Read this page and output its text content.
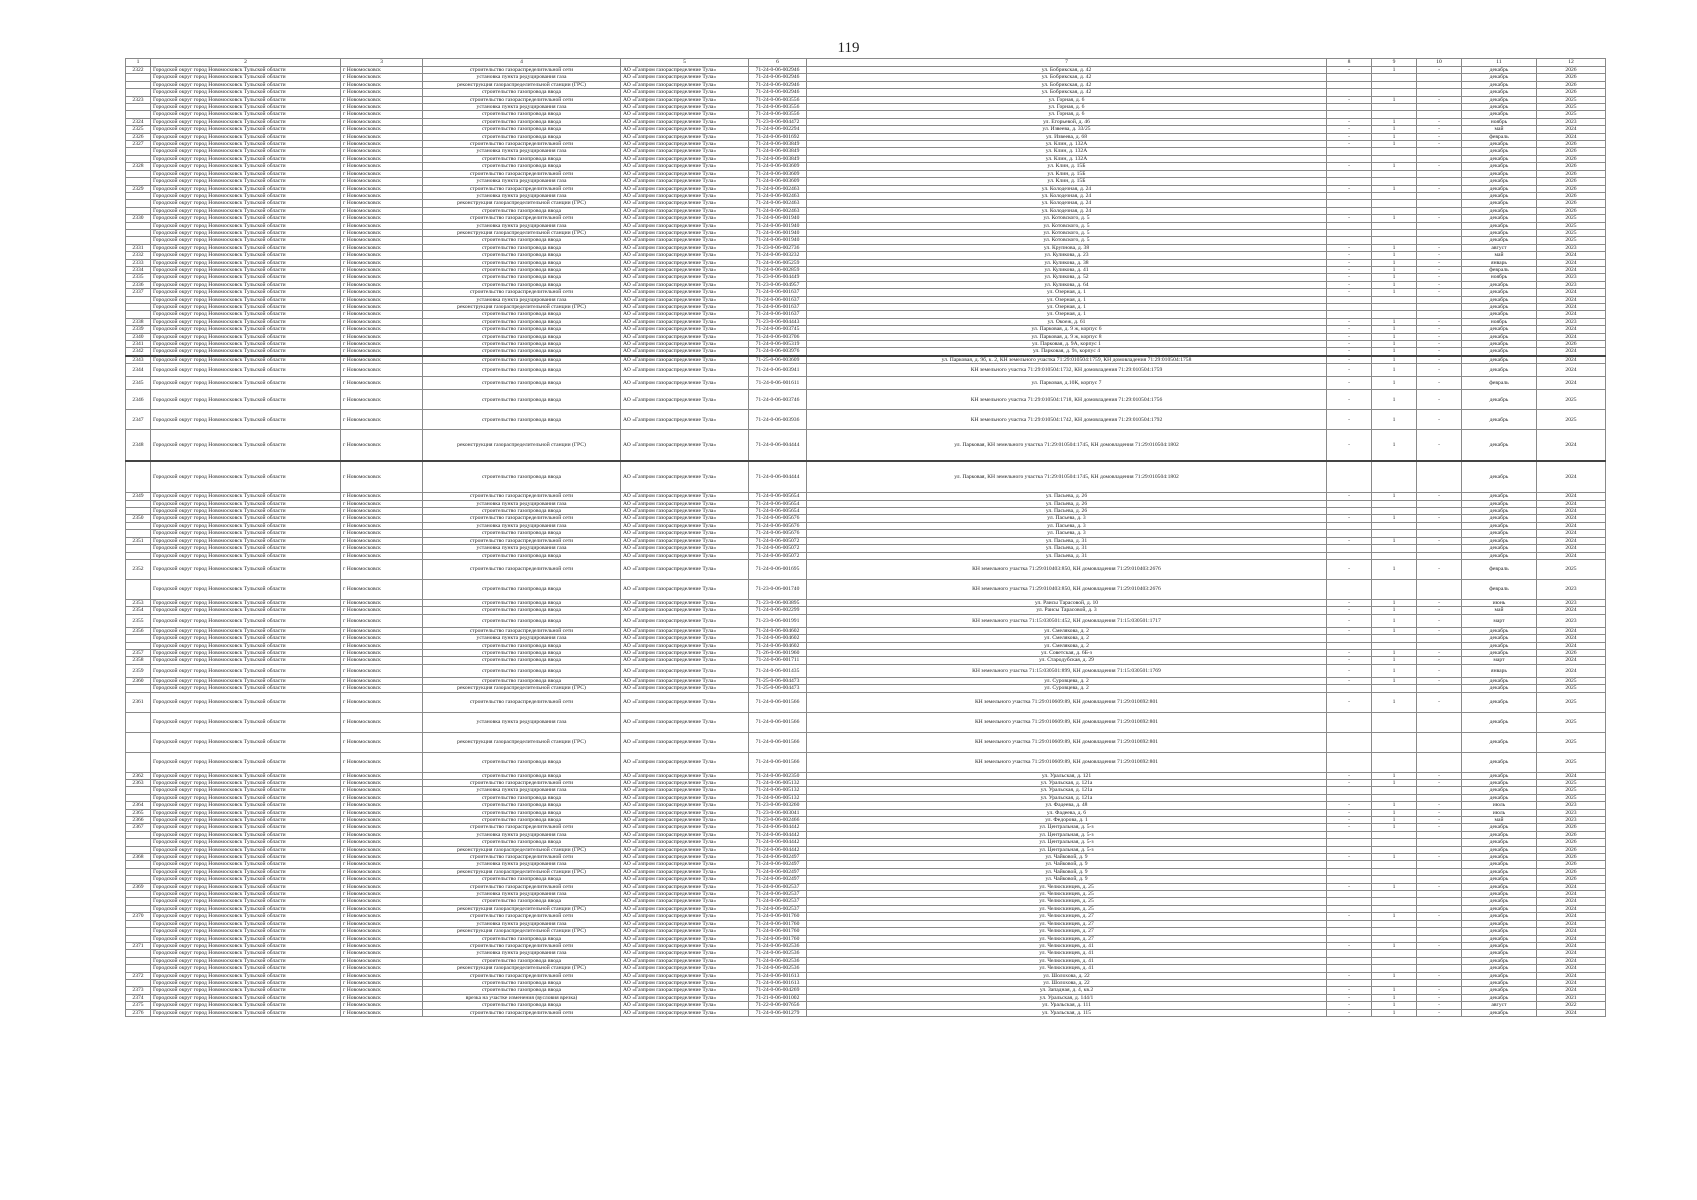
119
1	2	3	4	5	6	7	8	9	10	11	12
2322	Городской округ город Новомосковск Тульской области	г Новомосковск	строительство газораспределительной сети	АО «Газпром газораспределение Тула»	71-24-0-06-002946	ул. Бобрикская, д. 42	-	1	-	декабрь	2026
	Городской округ город Новомосковск Тульской области	г Новомосковск	установка пункта редуцирования газа	АО «Газпром газораспределение Тула»	71-24-0-06-002946	ул. Бобрикская, д. 42				декабрь	2026
	Городской округ город Новомосковск Тульской области	г Новомосковск	реконструкция газораспределительной станции (ГРС)	АО «Газпром газораспределение Тула»	71-24-0-06-002946	ул. Бобрикская, д. 42				декабрь	2026
	Городской округ город Новомосковск Тульской области	г Новомосковск	строительство газопровода ввода	АО «Газпром газораспределение Тула»	71-24-0-06-002946	ул. Бобрикская, д. 42				декабрь	2026
2323	Городской округ город Новомосковск Тульской области	г Новомосковск	строительство газораспределительной сети	АО «Газпром газораспределение Тула»	71-24-0-06-003556	ул. Горная, д. 6	-	1	-	декабрь	2025
	Городской округ город Новомосковск Тульской области	г Новомосковск	установка пункта редуцирования газа	АО «Газпром газораспределение Тула»	71-24-0-06-003556	ул. Горная, д. 6				декабрь	2025
	Городской округ город Новомосковск Тульской области	г Новомосковск	строительство газопровода ввода	АО «Газпром газораспределение Тула»	71-24-0-06-003556	ул. Горная, д. 6				декабрь	2025
2324	Городской округ город Новомосковск Тульской области	г Новомосковск	строительство газопровода ввода	АО «Газпром газораспределение Тула»	71-23-0-06-004472	ул. Егорьевой, д. 46	-	1	-	ноябрь	2023
2325	Городской округ город Новомосковск Тульской области	г Новомосковск	строительство газопровода ввода	АО «Газпром газораспределение Тула»	71-24-0-06-002294	ул. Извеева, д. 33/25	-	1	-	май	2024
2326	Городской округ город Новомосковск Тульской области	г Новомосковск	строительство газопровода ввода	АО «Газпром газораспределение Тула»	71-24-0-06-001692	ул. Извеева, д. 68	-	1	-	февраль	2024
2327	Городской округ город Новомосковск Тульской области	г Новомосковск	строительство газораспределительной сети	АО «Газпром газораспределение Тула»	71-24-0-06-003849	ул. Клин, д. 132А	-	1	-	декабрь	2026
	Городской округ город Новомосковск Тульской области	г Новомосковск	установка пункта редуцирования газа	АО «Газпром газораспределение Тула»	71-24-0-06-003849	ул. Клин, д. 132А				декабрь	2026
	Городской округ город Новомосковск Тульской области	г Новомосковск	строительство газопровода ввода	АО «Газпром газораспределение Тула»	71-24-0-06-003849	ул. Клин, д. 132А				декабрь	2026
2328	Городской округ город Новомосковск Тульской области	г Новомосковск	строительство газопровода ввода	АО «Газпром газораспределение Тула»	71-24-0-06-003609	ул. Клин, д. 15Б	-	1	-	декабрь	2026
	Городской округ город Новомосковск Тульской области	г Новомосковск	строительство газораспределительной сети	АО «Газпром газораспределение Тула»	71-24-0-06-003609	ул. Клин, д. 15Б				декабрь	2026
	Городской округ город Новомосковск Тульской области	г Новомосковск	установка пункта редуцирования газа	АО «Газпром газораспределение Тула»	71-24-0-06-003609	ул. Клин, д. 15Б				декабрь	2026
2329	Городской округ город Новомосковск Тульской области	г Новомосковск	строительство газораспределительной сети	АО «Газпром газораспределение Тула»	71-24-0-06-002463	ул. Колодезная, д. 24	-	1	-	декабрь	2026
	Городской округ город Новомосковск Тульской области	г Новомосковск	установка пункта редуцирования газа	АО «Газпром газораспределение Тула»	71-24-0-06-002463	ул. Колодезная, д. 24				декабрь	2026
	Городской округ город Новомосковск Тульской области	г Новомосковск	реконструкция газораспределительной станции (ГРС)	АО «Газпром газораспределение Тула»	71-24-0-06-002463	ул. Колодезная, д. 24				декабрь	2026
	Городской округ город Новомосковск Тульской области	г Новомосковск	строительство газопровода ввода	АО «Газпром газораспределение Тула»	71-24-0-06-002463	ул. Колодезная, д. 24				декабрь	2026
2330	Городской округ город Новомосковск Тульской области	г Новомосковск	строительство газораспределительной сети	АО «Газпром газораспределение Тула»	71-24-0-06-001940	ул. Котовского, д. 5	-	1	-	декабрь	2025
	Городской округ город Новомосковск Тульской области	г Новомосковск	установка пункта редуцирования газа	АО «Газпром газораспределение Тула»	71-24-0-06-001940	ул. Котовского, д. 5				декабрь	2025
	Городской округ город Новомосковск Тульской области	г Новомосковск	реконструкция газораспределительной станции (ГРС)	АО «Газпром газораспределение Тула»	71-24-0-06-001940	ул. Котовского, д. 5				декабрь	2025
	Городской округ город Новомосковск Тульской области	г Новомосковск	строительство газопровода ввода	АО «Газпром газораспределение Тула»	71-24-0-06-001940	ул. Котовского, д. 5				декабрь	2025
2331	Городской округ город Новомосковск Тульской области	г Новомосковск	строительство газопровода ввода	АО «Газпром газораспределение Тула»	71-23-0-06-002736	ул. Крупнова, д. 38	-	1	-	август	2023
2332	Городской округ город Новомосковск Тульской области	г Новомосковск	строительство газопровода ввода	АО «Газпром газораспределение Тула»	71-24-0-06-003232	ул. Куликова, д. 23	-	1	-	май	2024
2333	Городской округ город Новомосковск Тульской области	г Новомосковск	строительство газопровода ввода	АО «Газпром газораспределение Тула»	71-24-0-06-005259	ул. Куликова, д. 38	-	1	-	январь	2024
2334	Городской округ город Новомосковск Тульской области	г Новомосковск	строительство газопровода ввода	АО «Газпром газораспределение Тула»	71-24-0-06-002859	ул. Куликова, д. 41	-	1	-	февраль	2024
2335	Городской округ город Новомосковск Тульской области	г Новомосковск	строительство газопровода ввода	АО «Газпром газораспределение Тула»	71-23-0-06-004449	ул. Куликова, д. 52	-	1	-	ноябрь	2023
2336	Городской округ город Новомосковск Тульской области	г Новомосковск	строительство газопровода ввода	АО «Газпром газораспределение Тула»	71-23-0-06-004957	ул. Куликова, д. 64	-	1	-	декабрь	2023
2337	Городской округ город Новомосковск Тульской области	г Новомосковск	строительство газораспределительной сети	АО «Газпром газораспределение Тула»	71-24-0-06-001637	ул. Озерная, д. 1	-	1	-	декабрь	2024
	Городской округ город Новомосковск Тульской области	г Новомосковск	установка пункта редуцирования газа	АО «Газпром газораспределение Тула»	71-24-0-06-001637	ул. Озерная, д. 1				декабрь	2024
	Городской округ город Новомосковск Тульской области	г Новомосковск	реконструкция газораспределительной станции (ГРС)	АО «Газпром газораспределение Тула»	71-24-0-06-001637	ул. Озерная, д. 1				декабрь	2024
	Городской округ город Новомосковск Тульской области	г Новомосковск	строительство газопровода ввода	АО «Газпром газораспределение Тула»	71-24-0-06-001637	ул. Озерная, д. 1				декабрь	2024
2338	Городской округ город Новомосковск Тульской области	г Новомосковск	строительство газопровода ввода	АО «Газпром газораспределение Тула»	71-23-0-06-004443	ул. Окоеж, д. 61	-	1	-	ноябрь	2023
2339	Городской округ город Новомосковск Тульской области	г Новомосковск	строительство газопровода ввода	АО «Газпром газораспределение Тула»	71-24-0-06-003745	ул. Парковая, д. 9 ж, корпус 6	-	1	-	декабрь	2024
2340	Городской округ город Новомосковск Тульской области	г Новомосковск	строительство газопровода ввода	АО «Газпром газораспределение Тула»	71-24-0-06-003706	ул. Парковая, д. 9 ж, корпус 8	-	1	-	декабрь	2024
2341	Городской округ город Новомосковск Тульской области	г Новомосковск	строительство газопровода ввода	АО «Газпром газораспределение Тула»	71-24-0-06-005319	ул. Парковая, д. 9А, корпус 1	-	1	-	декабрь	2026
2342	Городской округ город Новомосковск Тульской области	г Новомосковск	строительство газопровода ввода	АО «Газпром газораспределение Тула»	71-24-0-06-003976	ул. Парковая, д. 9з, корпус 4	-	1	-	декабрь	2024
2343	Городской округ город Новомосковск Тульской области	г Новомосковск	строительство газопровода ввода	АО «Газпром газораспределение Тула»	71-25-0-06-003609	ул. Парковая, д. 9б, к. 2, КН земельного участка 71:29:010504:1759, КН домовладения 71:29:010504:1758	-	1	-	декабрь	2024
2344	Городской округ город Новомосковск Тульской области	г Новомосковск	строительство газопровода ввода	АО «Газпром газораспределение Тула»	71-24-0-06-003941	КН земельного участка 71:29:010504:1732, КН домовладения 71:29:010504:1759	-	1	-	декабрь	2024
2345	Городской округ город Новомосковск Тульской области	г Новомосковск	строительство газопровода ввода	АО «Газпром газораспределение Тула»	71-24-0-06-001611	ул. Парковая, д.10К, корпус 7	-	1	-	февраль	2024
2346	Городской округ город Новомосковск Тульской области	г Новомосковск	строительство газопровода ввода	АО «Газпром газораспределение Тула»	71-24-0-06-003746	КН земельного участка 71:29:010504:1718, КН домовладения 71:29:010504:1756	-	1	-	декабрь	2025
2347	Городской округ город Новомосковск Тульской области	г Новомосковск	строительство газопровода ввода	АО «Газпром газораспределение Тула»	71-24-0-06-003936	КН земельного участка 71:29:010504:1742, КН домовладения 71:29:010504:1792	-	1	-	декабрь	2025
2348	Городской округ город Новомосковск Тульской области	г Новомосковск	реконструкция газораспределительной станции (ГРС)	АО «Газпром газораспределение Тула»	71-24-0-06-004444	ул. Парковая, КН земельного участка 71:29:010504:1745, КН домовладения 71:29:010504:1802	-	1	-	декабрь	2024
	Городской округ город Новомосковск Тульской области	г Новомосковск	строительство газопровода ввода	АО «Газпром газораспределение Тула»	71-24-0-06-004444	ул. Парковая, КН земельного участка 71:29:010504:1745, КН домовладения 71:29:010504:1802				декабрь	2024
2349	Городской округ город Новомосковск Тульской области	г Новомосковск	строительство газораспределительной сети	АО «Газпром газораспределение Тула»	71-24-0-06-005654	ул. Пасьева, д. 26	-	1	-	декабрь	2024
	Городской округ город Новомосковск Тульской области	г Новомосковск	установка пункта редуцирования газа	АО «Газпром газораспределение Тула»	71-24-0-06-005654	ул. Пасьева, д. 26				декабрь	2024
	Городской округ город Новомосковск Тульской области	г Новомосковск	строительство газопровода ввода	АО «Газпром газораспределение Тула»	71-24-0-06-005654	ул. Пасьева, д. 26				декабрь	2024
2350	Городской округ город Новомосковск Тульской области	г Новомосковск	строительство газораспределительной сети	АО «Газпром газораспределение Тула»	71-24-0-06-005676	ул. Пасьева, д. 3	-	1	-	декабрь	2024
	Городской округ город Новомосковск Тульской области	г Новомосковск	установка пункта редуцирования газа	АО «Газпром газораспределение Тула»	71-24-0-06-005676	ул. Пасьева, д. 3				декабрь	2024
	Городской округ город Новомосковск Тульской области	г Новомосковск	строительство газопровода ввода	АО «Газпром газораспределение Тула»	71-24-0-06-005676	ул. Пасьева, д. 3				декабрь	2024
2351	Городской округ город Новомосковск Тульской области	г Новомосковск	строительство газораспределительной сети	АО «Газпром газораспределение Тула»	71-24-0-06-005072	ул. Пасьева, д. 31	-	1	-	декабрь	2024
	Городской округ город Новомосковск Тульской области	г Новомосковск	установка пункта редуцирования газа	АО «Газпром газораспределение Тула»	71-24-0-06-005072	ул. Пасьева, д. 31				декабрь	2024
	Городской округ город Новомосковск Тульской области	г Новомосковск	строительство газопровода ввода	АО «Газпром газораспределение Тула»	71-24-0-06-005072	ул. Пасьева, д. 31				декабрь	2024
2352	Городской округ город Новомосковск Тульской области	г Новомосковск	строительство газораспределительной сети	АО «Газпром газораспределение Тула»	71-24-0-06-001695	КН земельного участка 71:29:010403:850, КН домовладения 71:29:010403:2676	-	1	-	февраль	2025
	Городской округ город Новомосковск Тульской области	г Новомосковск	строительство газопровода ввода	АО «Газпром газораспределение Тула»	71-23-0-06-001740	КН земельного участка 71:29:010403:850, КН домовладения 71:29:010403:2676				февраль	2023
2353	Городской округ город Новомосковск Тульской области	г Новомосковск	строительство газопровода ввода	АО «Газпром газораспределение Тула»	71-23-0-06-003895	ул. Раисы Тарасовой, д. 10	-	1	-	июнь	2023
2354	Городской округ город Новомосковск Тульской области	г Новомосковск	строительство газопровода ввода	АО «Газпром газораспределение Тула»	71-24-0-06-002299	ул. Раисы Тарасовой, д. 3	-	1	-	май	2024
2355	Городской округ город Новомосковск Тульской области	г Новомосковск	строительство газопровода ввода	АО «Газпром газораспределение Тула»	71-23-0-06-001991	КН земельного участка 71:15:030501:452, КН домовладения 71:15:030501:1717	-	1	-	март	2023
2356	Городской округ город Новомосковск Тульской области	г Новомосковск	строительство газораспределительной сети	АО «Газпром газораспределение Тула»	71-24-0-06-004602	ул. Смелякова, д. 2	-	1	-	декабрь	2024
	Городской округ город Новомосковск Тульской области	г Новомосковск	установка пункта редуцирования газа	АО «Газпром газораспределение Тула»	71-24-0-06-004602	ул. Смелякова, д. 2				декабрь	2024
	Городской округ город Новомосковск Тульской области	г Новомосковск	строительство газопровода ввода	АО «Газпром газораспределение Тула»	71-24-0-06-004602	ул. Смелякова, д. 2				декабрь	2024
2357	Городской округ город Новомосковск Тульской области	г Новомосковск	строительство газопровода ввода	АО «Газпром газораспределение Тула»	71-26-0-06-001960	ул. Советская, д. 6Б-з	-	1	-	декабрь	2026
2358	Городской округ город Новомосковск Тульской области	г Новомосковск	строительство газопровода ввода	АО «Газпром газораспределение Тула»	71-24-0-06-001711	ул. Стародубская, д. 29	-	1	-	март	2024
2359	Городской округ город Новомосковск Тульской области	г Новомосковск	строительство газопровода ввода	АО «Газпром газораспределение Тула»	71-24-0-06-001435	КН земельного участка 71:15:030501:899, КН домовладения 71:15:030501:1769	-	1	-	январь	2024
2360	Городской округ город Новомосковск Тульской области	г Новомосковск	строительство газопровода ввода	АО «Газпром газораспределение Тула»	71-25-0-06-004473	ул. Суровцева, д. 2	-	1	-	декабрь	2025
	Городской округ город Новомосковск Тульской области	г Новомосковск	реконструкция газораспределительной станции (ГРС)	АО «Газпром газораспределение Тула»	71-25-0-06-004473	ул. Суровцева, д. 2				декабрь	2025
2361	Городской округ город Новомосковск Тульской области	г Новомосковск	строительство газораспределительной сети	АО «Газпром газораспределение Тула»	71-24-0-06-001566	КН земельного участка 71:29:010609:89, КН домовладения 71:29:010692:801	-	1	-	декабрь	2025
	Городской округ город Новомосковск Тульской области	г Новомосковск	установка пункта редуцирования газа	АО «Газпром газораспределение Тула»	71-24-0-06-001566	КН земельного участка 71:29:010609:89, КН домовладения 71:29:010692:801				декабрь	2025
	Городской округ город Новомосковск Тульской области	г Новомосковск	реконструкция газораспределительной станции (ГРС)	АО «Газпром газораспределение Тула»	71-24-0-06-001566	КН земельного участка 71:29:010609:89, КН домовладения 71:29:010692:801				декабрь	2025
	Городской округ город Новомосковск Тульской области	г Новомосковск	строительство газопровода ввода	АО «Газпром газораспределение Тула»	71-24-0-06-001566	КН земельного участка 71:29:010609:89, КН домовладения 71:29:010692:801				декабрь	2025
2362	Городской округ город Новомосковск Тульской области	г Новомосковск	строительство газопровода ввода	АО «Газпром газораспределение Тула»	71-24-0-06-002350	ул. Уральская, д. 121	-	1	-	декабрь	2024
2363	Городской округ город Новомосковск Тульской области	г Новомосковск	строительство газораспределительной сети	АО «Газпром газораспределение Тула»	71-24-0-06-005132	ул. Уральская, д. 121а	-	1	-	декабрь	2025
	Городской округ город Новомосковск Тульской области	г Новомосковск	установка пункта редуцирования газа	АО «Газпром газораспределение Тула»	71-24-0-06-005132	ул. Уральская, д. 121а				декабрь	2025
	Городской округ город Новомосковск Тульской области	г Новомосковск	строительство газопровода ввода	АО «Газпром газораспределение Тула»	71-24-0-06-005132	ул. Уральская, д. 121а				декабрь	2025
2364	Городской округ город Новомосковск Тульской области	г Новомосковск	строительство газопровода ввода	АО «Газпром газораспределение Тула»	71-23-0-06-003260	ул. Фадеева, д. 48	-	1	-	июль	2023
2365	Городской округ город Новомосковск Тульской области	г Новомосковск	строительство газопровода ввода	АО «Газпром газораспределение Тула»	71-23-0-06-003041	ул. Фадеева, д. 6	-	1	-	июль	2023
2366	Городской округ город Новомосковск Тульской области	г Новомосковск	строительство газопровода ввода	АО «Газпром газораспределение Тула»	71-23-0-06-002466	ул. Федорова, д. 1	-	1	-	май	2023
2367	Городской округ город Новомосковск Тульской области	г Новомосковск	строительство газораспределительной сети	АО «Газпром газораспределение Тула»	71-24-0-06-004442	ул. Центральная, д. 5-з	-	1	-	декабрь	2026
	Городской округ город Новомосковск Тульской области	г Новомосковск	установка пункта редуцирования газа	АО «Газпром газораспределение Тула»	71-24-0-06-004442	ул. Центральная, д. 5-з				декабрь	2026
	Городской округ город Новомосковск Тульской области	г Новомосковск	строительство газопровода ввода	АО «Газпром газораспределение Тула»	71-24-0-06-004442	ул. Центральная, д. 5-з				декабрь	2026
	Городской округ город Новомосковск Тульской области	г Новомосковск	реконструкция газораспределительной станции (ГРС)	АО «Газпром газораспределение Тула»	71-24-0-06-004442	ул. Центральная, д. 5-з				декабрь	2026
2368	Городской округ город Новомосковск Тульской области	г Новомосковск	строительство газораспределительной сети	АО «Газпром газораспределение Тула»	71-24-0-06-002497	ул. Чайковой, д. 9	-	1	-	декабрь	2026
	Городской округ город Новомосковск Тульской области	г Новомосковск	установка пункта редуцирования газа	АО «Газпром газораспределение Тула»	71-24-0-06-002497	ул. Чайковой, д. 9				декабрь	2026
	Городской округ город Новомосковск Тульской области	г Новомосковск	реконструкция газораспределительной станции (ГРС)	АО «Газпром газораспределение Тула»	71-24-0-06-002497	ул. Чайковой, д. 9				декабрь	2026
	Городской округ город Новомосковск Тульской области	г Новомосковск	строительство газопровода ввода	АО «Газпром газораспределение Тула»	71-24-0-06-002497	ул. Чайковой, д. 9				декабрь	2026
2369	Городской округ город Новомосковск Тульской области	г Новомосковск	строительство газораспределительной сети	АО «Газпром газораспределение Тула»	71-24-0-06-002537	ул. Челюскинцев, д. 25	-	1	-	декабрь	2024
	Городской округ город Новомосковск Тульской области	г Новомосковск	установка пункта редуцирования газа	АО «Газпром газораспределение Тула»	71-24-0-06-002537	ул. Челюскинцев, д. 25				декабрь	2024
	Городской округ город Новомосковск Тульской области	г Новомосковск	строительство газопровода ввода	АО «Газпром газораспределение Тула»	71-24-0-06-002537	ул. Челюскинцев, д. 25				декабрь	2024
	Городской округ город Новомосковск Тульской области	г Новомосковск	реконструкция газораспределительной станции (ГРС)	АО «Газпром газораспределение Тула»	71-24-0-06-002537	ул. Челюскинцев, д. 25				декабрь	2024
2370	Городской округ город Новомосковск Тульской области	г Новомосковск	строительство газораспределительной сети	АО «Газпром газораспределение Тула»	71-24-0-06-001760	ул. Челюскинцев, д. 27	-	1	-	декабрь	2024
	Городской округ город Новомосковск Тульской области	г Новомосковск	установка пункта редуцирования газа	АО «Газпром газораспределение Тула»	71-24-0-06-001760	ул. Челюскинцев, д. 27				декабрь	2024
	Городской округ город Новомосковск Тульской области	г Новомосковск	реконструкция газораспределительной станции (ГРС)	АО «Газпром газораспределение Тула»	71-24-0-06-001760	ул. Челюскинцев, д. 27				декабрь	2024
	Городской округ город Новомосковск Тульской области	г Новомосковск	строительство газопровода ввода	АО «Газпром газораспределение Тула»	71-24-0-06-001760	ул. Челюскинцев, д. 27				декабрь	2024
2371	Городской округ город Новомосковск Тульской области	г Новомосковск	строительство газораспределительной сети	АО «Газпром газораспределение Тула»	71-24-0-06-002536	ул. Челюскинцев, д. 41	-	1	-	декабрь	2024
	Городской округ город Новомосковск Тульской области	г Новомосковск	установка пункта редуцирования газа	АО «Газпром газораспределение Тула»	71-24-0-06-002536	ул. Челюскинцев, д. 41				декабрь	2024
	Городской округ город Новомосковск Тульской области	г Новомосковск	строительство газопровода ввода	АО «Газпром газораспределение Тула»	71-24-0-06-002536	ул. Челюскинцев, д. 41				декабрь	2024
	Городской округ город Новомосковск Тульской области	г Новомосковск	реконструкция газораспределительной станции (ГРС)	АО «Газпром газораспределение Тула»	71-24-0-06-002536	ул. Челюскинцев, д. 41				декабрь	2024
2372	Городской округ город Новомосковск Тульской области	г Новомосковск	строительство газораспределительной сети	АО «Газпром газораспределение Тула»	71-24-0-06-001613	ул. Шолохова, д. 22	-	1	-	декабрь	2024
	Городской округ город Новомосковск Тульской области	г Новомосковск	строительство газопровода ввода	АО «Газпром газораспределение Тула»	71-24-0-06-001613	ул. Шолохова, д. 22				декабрь	2024
2373	Городской округ город Новомосковск Тульской области	г Новомосковск	строительство газопровода ввода	АО «Газпром газораспределение Тула»	71-24-0-06-004269	ул. Западная, д. 4, кв.2	-	1	-	декабрь	2024
2374	Городской округ город Новомосковск Тульской области	г Новомосковск	врезка на участке изменения (вусловия врезка)	АО «Газпром газораспределение Тула»	71-21-0-06-001002	ул. Уральская, д. 144/1	-	1	-	декабрь	2021
2375	Городской округ город Новомосковск Тульской области	г Новомосковск	строительство газопровода ввода	АО «Газпром газораспределение Тула»	71-22-0-06-007656	ул. Уральская, д. 111	-	1	-	август	2022
2376	Городской округ город Новомосковск Тульской области	г Новомосковск	строительство газораспределительной сети	АО «Газпром газораспределение Тула»	71-24-0-06-001279	ул. Уральская, д. 115	-	1	-	декабрь	2024
